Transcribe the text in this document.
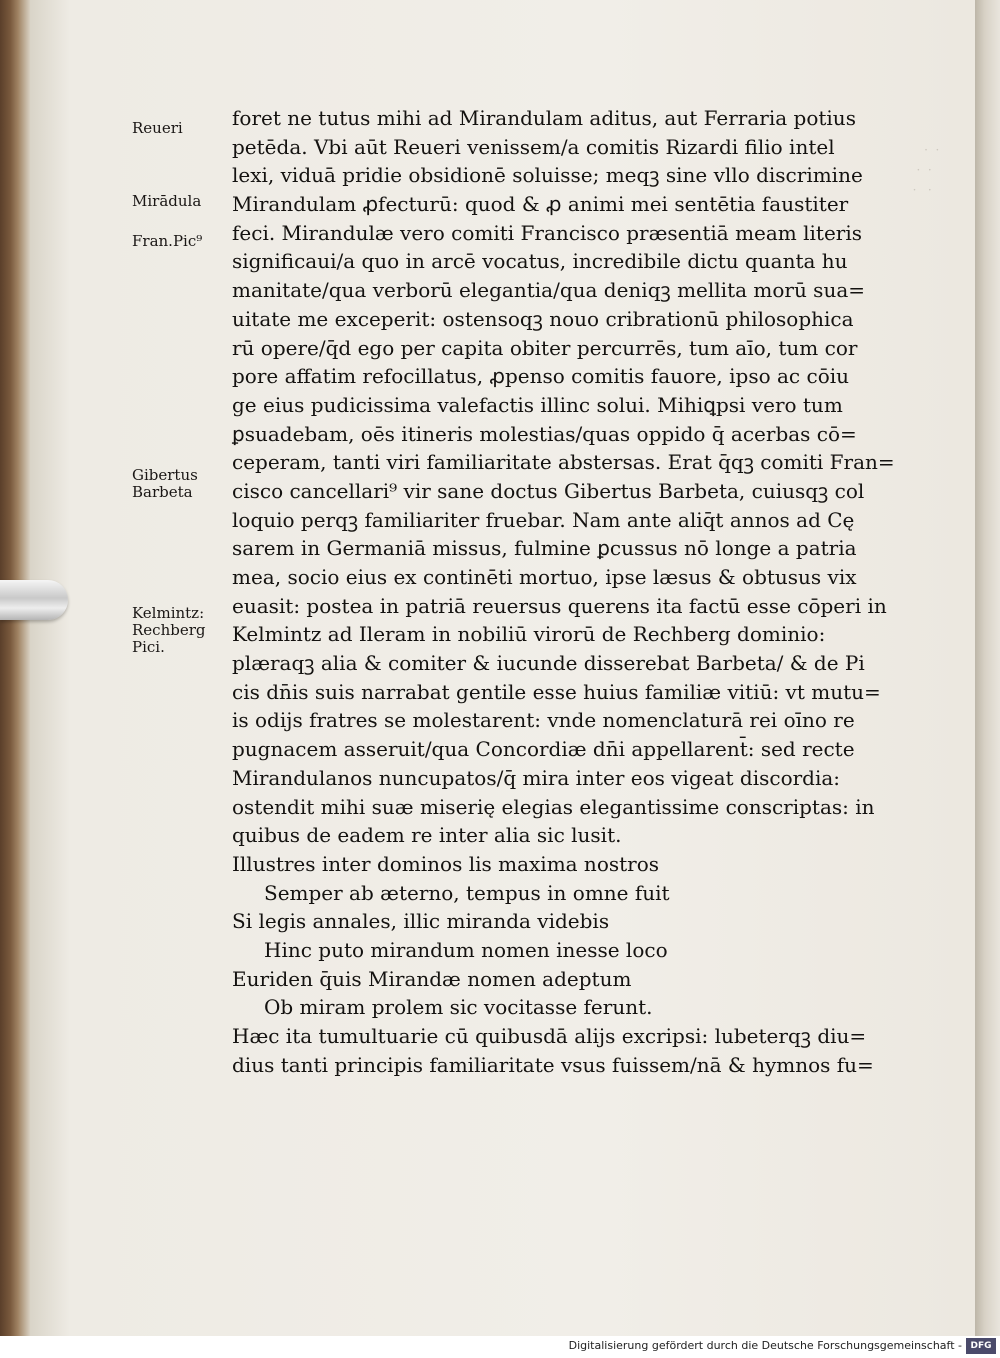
·  ·
·  ·
·   ·
Reueri
Mirādula
Fran.Pic⁹
Gibertus
Barbeta
Kelmintz:
Rechberg
Pici.
foret ne tutus mihi ad Mirandulam aditus, aut Ferraria potius
petēda. Vbi aūt Reueri venissem/a comitis Rizardi filio intel
lexi, viduā pridie obsidionē soluisse; meqꝫ sine vllo discrimine
Mirandulam ꝓfecturū: quod & ꝓ animi mei sentētia faustiter
feci. Mirandulæ vero comiti Francisco præsentiā meam literis
significaui/a quo in arcē vocatus, incredibile dictu quanta hu
manitate/qua verborū elegantia/qua deniqꝫ mellita morū sua=
uitate me exceperit: ostensoqꝫ nouo cribrationū philosophica
rū opere/q̄d ego per capita obiter percurrēs, tum aīo, tum cor
pore affatim refocillatus, ꝓpenso comitis fauore, ipso ac cōiu
ge eius pudicissima valefactis illinc solui. Mihiꝗpsi vero tum
ꝑsuadebam, oēs itineris molestias/quas oppido q̄ acerbas cō=
ceperam, tanti viri familiaritate abstersas. Erat q̄qꝫ comiti Fran=
cisco cancellari⁹ vir sane doctus Gibertus Barbeta, cuiusqꝫ col
loquio perqꝫ familiariter fruebar. Nam ante aliq̄t annos ad Cę
sarem in Germaniā missus, fulmine ꝑcussus nō longe a patria
mea, socio eius ex continēti mortuo, ipse læsus & obtusus vix
euasit: postea in patriā reuersus querens ita factū esse cōperi in
Kelmintz ad Ileram in nobiliū virorū de Rechberg dominio:
plæraqꝫ alia & comiter & iucunde disserebat Barbeta/ & de Pi
cis dn̄is suis narrabat gentile esse huius familiæ vitiū: vt mutu=
is odijs fratres se molestarent: vnde nomenclaturā rei oīno re
pugnacem asseruit/qua Concordiæ dn̄i appellarent̄: sed recte
Mirandulanos nuncupatos/q̄ mira inter eos vigeat discordia:
ostendit mihi suæ miserię elegias elegantissime conscriptas: in
quibus de eadem re inter alia sic lusit.
Illustres inter dominos lis maxima nostros
Semper ab æterno, tempus in omne fuit
Si legis annales, illic miranda videbis
Hinc puto mirandum nomen inesse loco
Euriden q̄uis Mirandæ nomen adeptum
Ob miram prolem sic vocitasse ferunt.
Hæc ita tumultuarie cū quibusdā alijs excripsi: lubeterqꝫ diu=
dius tanti principis familiaritate vsus fuissem/nā & hymnos fu=
Digitalisierung gefördert durch die Deutsche Forschungsgemeinschaft - DFG
